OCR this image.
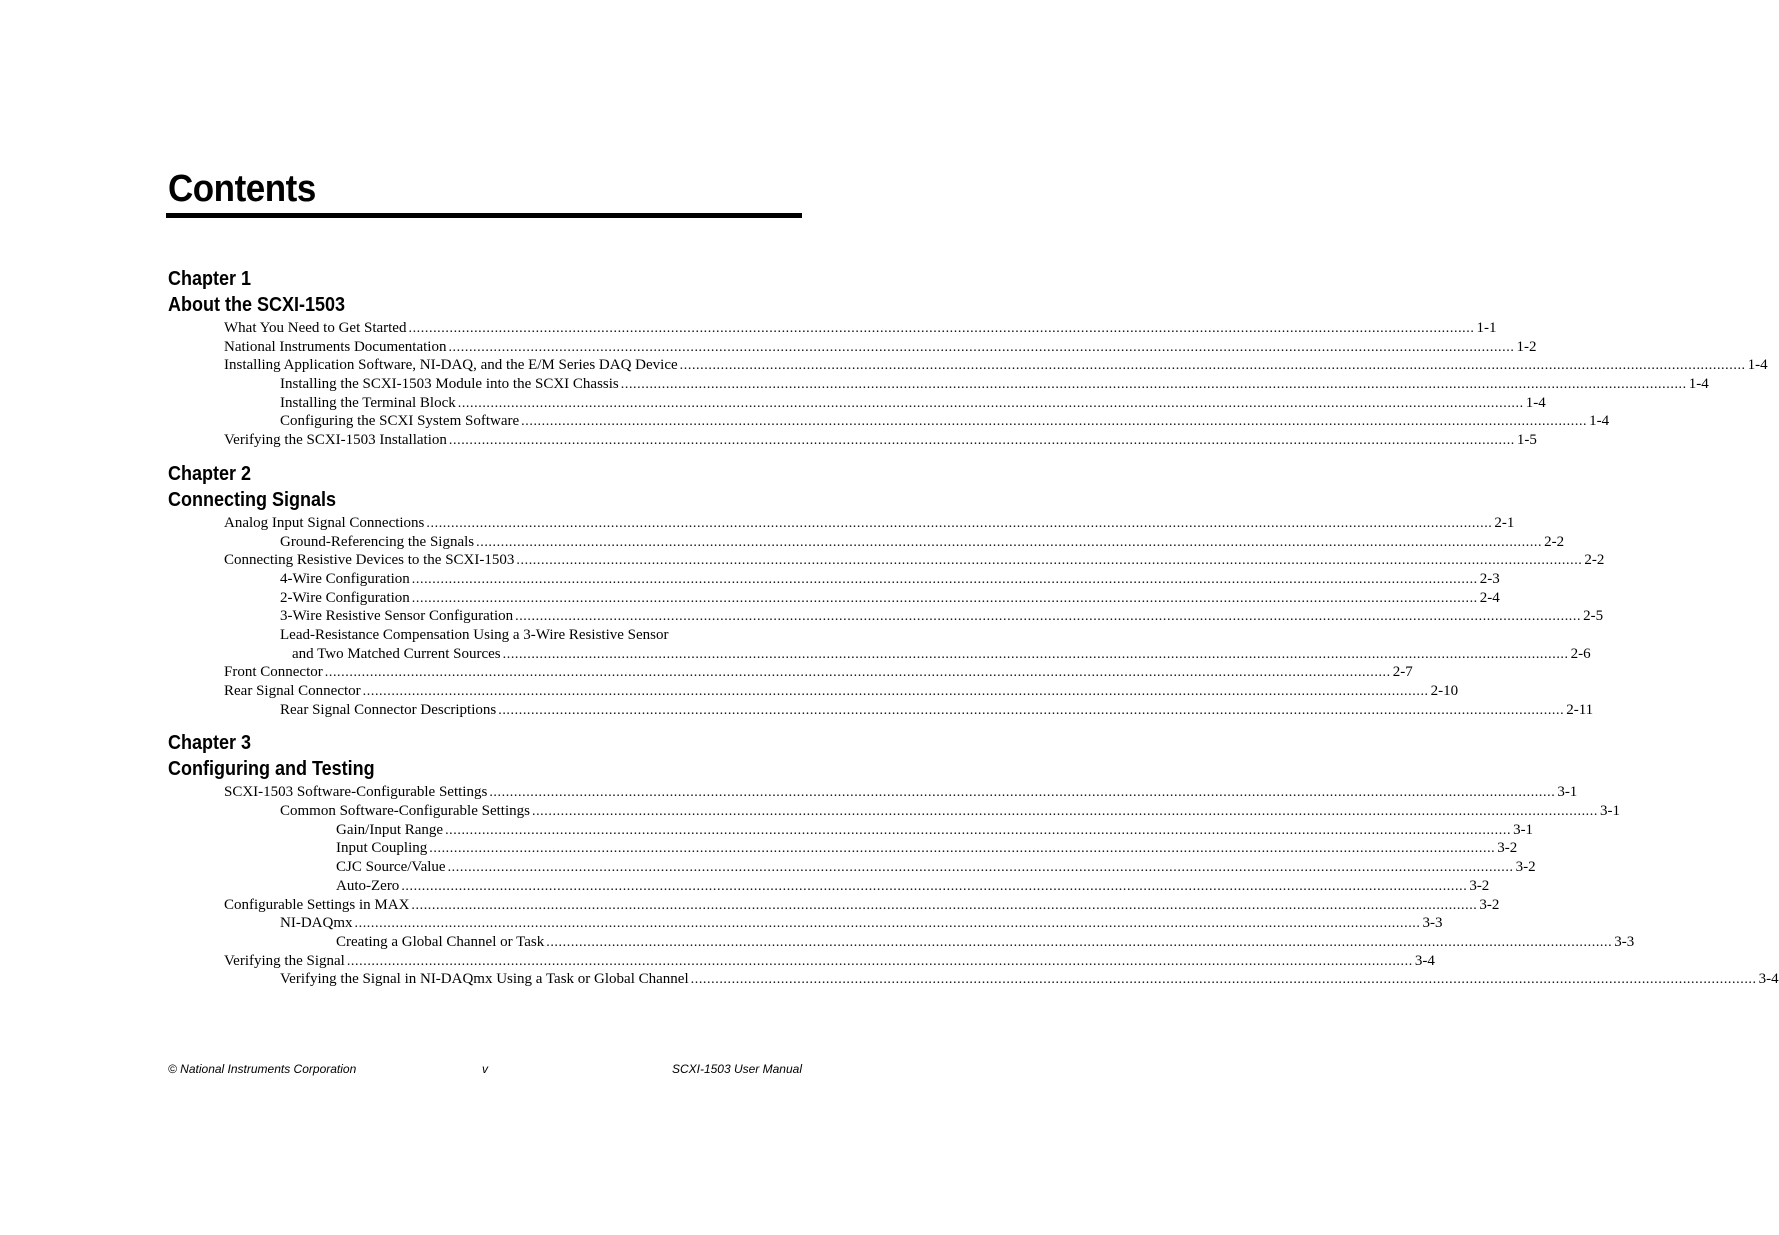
Contents
Chapter 1
About the SCXI-1503
What You Need to Get Started .................................................................................................................................................................................................................................................................... 1-1
National Instruments Documentation .................................................................................................................................................................................................................................................................... 1-2
Installing Application Software, NI-DAQ, and the E/M Series DAQ Device .................................................................................................................................................................................................................................................................... 1-4
Installing the SCXI-1503 Module into the SCXI Chassis .................................................................................................................................................................................................................................................................... 1-4
Installing the Terminal Block .................................................................................................................................................................................................................................................................... 1-4
Configuring the SCXI System Software .................................................................................................................................................................................................................................................................... 1-4
Verifying the SCXI-1503 Installation .................................................................................................................................................................................................................................................................... 1-5
Chapter 2
Connecting Signals
Analog Input Signal Connections .................................................................................................................................................................................................................................................................... 2-1
Ground-Referencing the Signals .................................................................................................................................................................................................................................................................... 2-2
Connecting Resistive Devices to the SCXI-1503 .................................................................................................................................................................................................................................................................... 2-2
4-Wire Configuration .................................................................................................................................................................................................................................................................... 2-3
2-Wire Configuration .................................................................................................................................................................................................................................................................... 2-4
3-Wire Resistive Sensor Configuration .................................................................................................................................................................................................................................................................... 2-5
Lead-Resistance Compensation Using a 3-Wire Resistive Sensor
and Two Matched Current Sources .................................................................................................................................................................................................................................................................... 2-6
Front Connector .................................................................................................................................................................................................................................................................... 2-7
Rear Signal Connector .................................................................................................................................................................................................................................................................... 2-10
Rear Signal Connector Descriptions .................................................................................................................................................................................................................................................................... 2-11
Chapter 3
Configuring and Testing
SCXI-1503 Software-Configurable Settings .................................................................................................................................................................................................................................................................... 3-1
Common Software-Configurable Settings .................................................................................................................................................................................................................................................................... 3-1
Gain/Input Range .................................................................................................................................................................................................................................................................... 3-1
Input Coupling .................................................................................................................................................................................................................................................................... 3-2
CJC Source/Value .................................................................................................................................................................................................................................................................... 3-2
Auto-Zero .................................................................................................................................................................................................................................................................... 3-2
Configurable Settings in MAX .................................................................................................................................................................................................................................................................... 3-2
NI-DAQmx .................................................................................................................................................................................................................................................................... 3-3
Creating a Global Channel or Task .................................................................................................................................................................................................................................................................... 3-3
Verifying the Signal .................................................................................................................................................................................................................................................................... 3-4
Verifying the Signal in NI-DAQmx Using a Task or Global Channel .................................................................................................................................................................................................................................................................... 3-4
© National Instruments Corporation	v	SCXI-1503 User Manual
